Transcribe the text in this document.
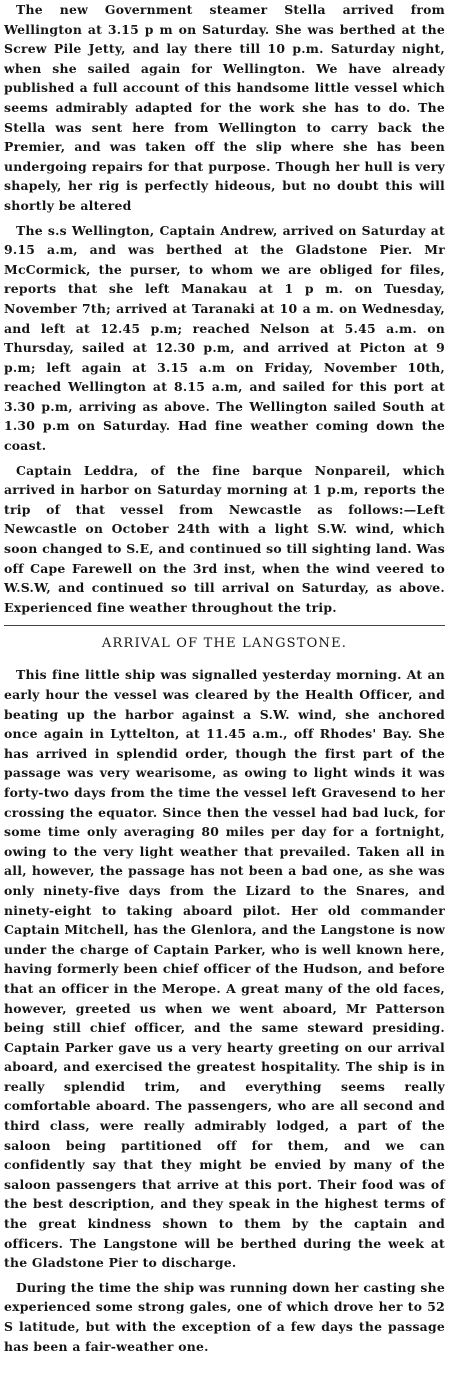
The new Government steamer Stella arrived from Wellington at 3.15 p m on Saturday. She was berthed at the Screw Pile Jetty, and lay there till 10 p.m. Saturday night, when she sailed again for Wellington. We have already published a full account of this handsome little vessel which seems admirably adapted for the work she has to do. The Stella was sent here from Wellington to carry back the Premier, and was taken off the slip where she has been undergoing repairs for that purpose. Though her hull is very shapely, her rig is perfectly hideous, but no doubt this will shortly be altered

The s.s Wellington, Captain Andrew, arrived on Saturday at 9.15 a.m, and was berthed at the Gladstone Pier. Mr McCormick, the purser, to whom we are obliged for files, reports that she left Manakau at 1 p m. on Tuesday, November 7th; arrived at Taranaki at 10 a m. on Wednesday, and left at 12.45 p.m; reached Nelson at 5.45 a.m. on Thursday, sailed at 12.30 p.m, and arrived at Picton at 9 p.m; left again at 3.15 a.m on Friday, November 10th, reached Wellington at 8.15 a.m, and sailed for this port at 3.30 p.m, arriving as above. The Wellington sailed South at 1.30 p.m on Saturday. Had fine weather coming down the coast.

Captain Leddra, of the fine barque Nonpareil, which arrived in harbor on Saturday morning at 1 p.m, reports the trip of that vessel from Newcastle as follows:—Left Newcastle on October 24th with a light S.W. wind, which soon changed to S.E, and continued so till sighting land. Was off Cape Farewell on the 3rd inst, when the wind veered to W.S.W, and continued so till arrival on Saturday, as above. Experienced fine weather throughout the trip.

ARRIVAL OF THE LANGSTONE.

This fine little ship was signalled yesterday morning. At an early hour the vessel was cleared by the Health Officer, and beating up the harbor against a S.W. wind, she anchored once again in Lyttelton, at 11.45 a.m., off Rhodes' Bay. She has arrived in splendid order, though the first part of the passage was very wearisome, as owing to light winds it was forty-two days from the time the vessel left Gravesend to her crossing the equator. Since then the vessel had bad luck, for some time only averaging 80 miles per day for a fortnight, owing to the very light weather that prevailed. Taken all in all, however, the passage has not been a bad one, as she was only ninety-five days from the Lizard to the Snares, and ninety-eight to taking aboard pilot. Her old commander Captain Mitchell, has the Glenlora, and the Langstone is now under the charge of Captain Parker, who is well known here, having formerly been chief officer of the Hudson, and before that an officer in the Merope. A great many of the old faces, however, greeted us when we went aboard, Mr Patterson being still chief officer, and the same steward presiding. Captain Parker gave us a very hearty greeting on our arrival aboard, and exercised the greatest hospitality. The ship is in really splendid trim, and everything seems really comfortable aboard. The passengers, who are all second and third class, were really admirably lodged, a part of the saloon being partitioned off for them, and we can confidently say that they might be envied by many of the saloon passengers that arrive at this port. Their food was of the best description, and they speak in the highest terms of the great kindness shown to them by the captain and officers. The Langstone will be berthed during the week at the Gladstone Pier to discharge.

During the time the ship was running down her casting she experienced some strong gales, one of which drove her to 52 S latitude, but with the exception of a few days the passage has been a fair-weather one.
